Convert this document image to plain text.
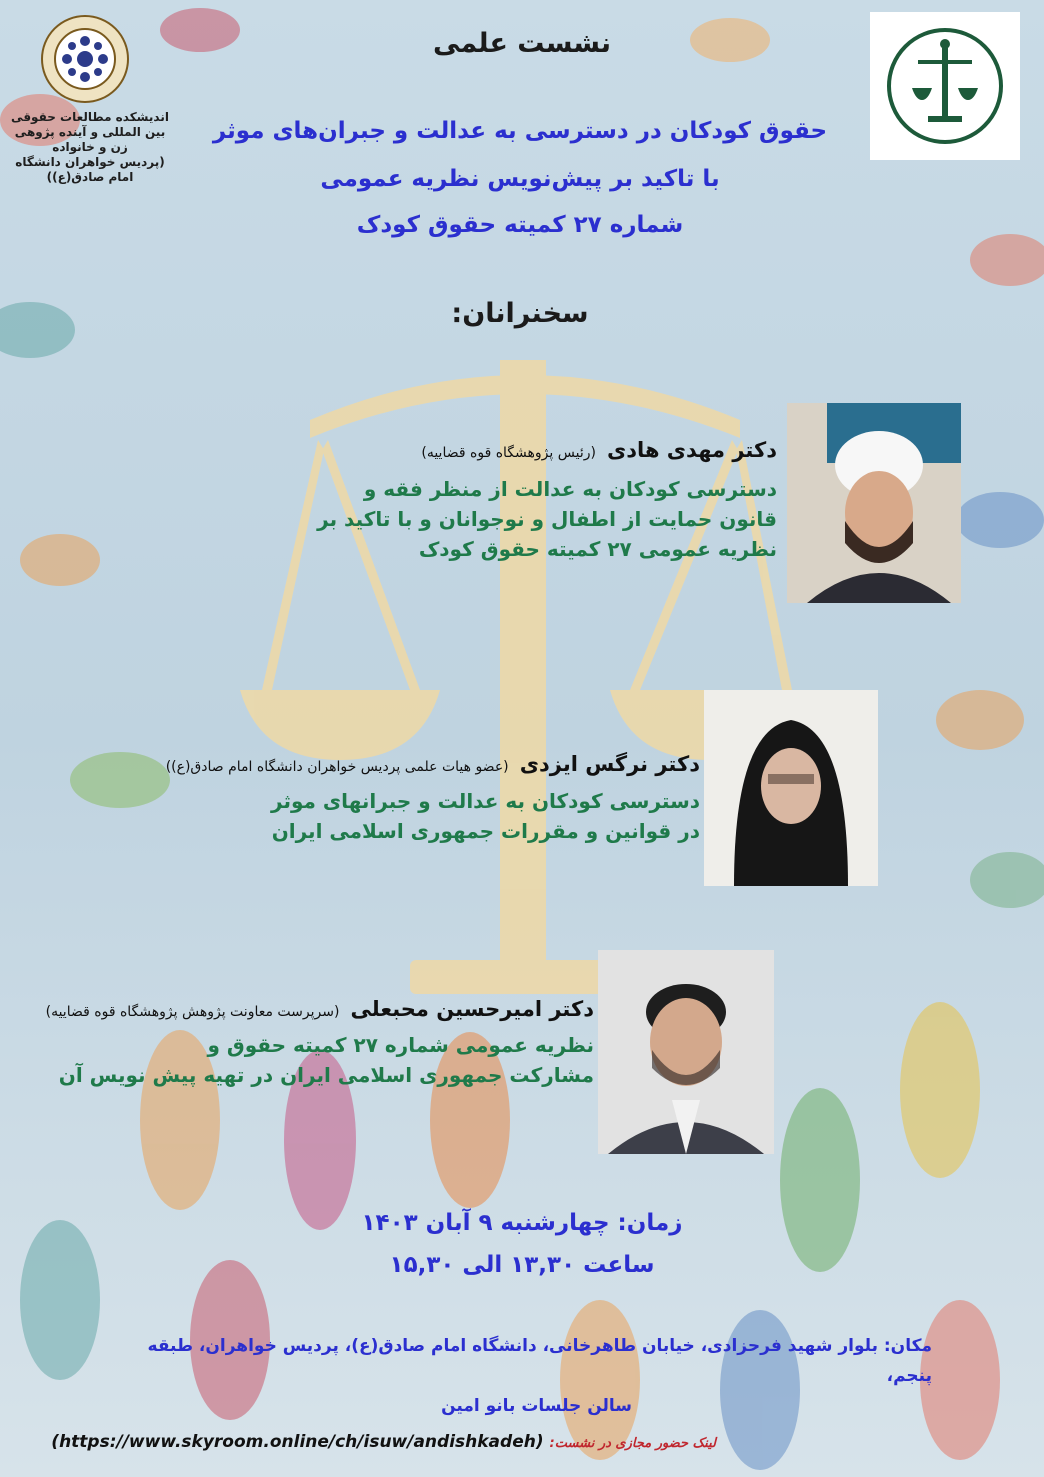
اندیشکده مطالعات حقوقی
بین المللی و آینده پژوهی
زن و خانواده
(پردیس خواهران دانشگاه
امام صادق(ع))
نشست علمی
حقوق کودکان در دسترسی به عدالت و جبران‌های موثر
با تاکید بر پیش‌نویس نظریه عمومی
شماره ۲۷ کمیته حقوق کودک
سخنرانان:
دکتر مهدی هادی (رئیس پژوهشگاه قوه قضاییه)
دسترسی کودکان به عدالت از منظر فقه و
قانون حمایت از اطفال و نوجوانان و با تاکید بر
نظریه عمومی ۲۷ کمیته حقوق کودک
دکتر نرگس ایزدی (عضو هیات علمی پردیس خواهران دانشگاه امام صادق(ع))
دسترسی کودکان به عدالت و جبرانهای موثر
در قوانین و مقررات جمهوری اسلامی ایران
دکتر امیرحسین محبعلی (سرپرست معاونت پژوهش پژوهشگاه قوه قضاییه)
نظریه عمومی شماره ۲۷ کمیته حقوق و
مشارکت جمهوری اسلامی ایران در تهیه پیش نویس آن
زمان: چهارشنبه ۹ آبان ۱۴۰۳
ساعت ۱۳,۳۰ الی ۱۵,۳۰
مکان: بلوار شهید فرحزادی، خیابان طاهرخانی، دانشگاه امام صادق(ع)، پردیس خواهران، طبقه پنجم،
سالن جلسات بانو امین
لینک حضور مجازی در نشست: (https://www.skyroom.online/ch/isuw/andishkadeh)
